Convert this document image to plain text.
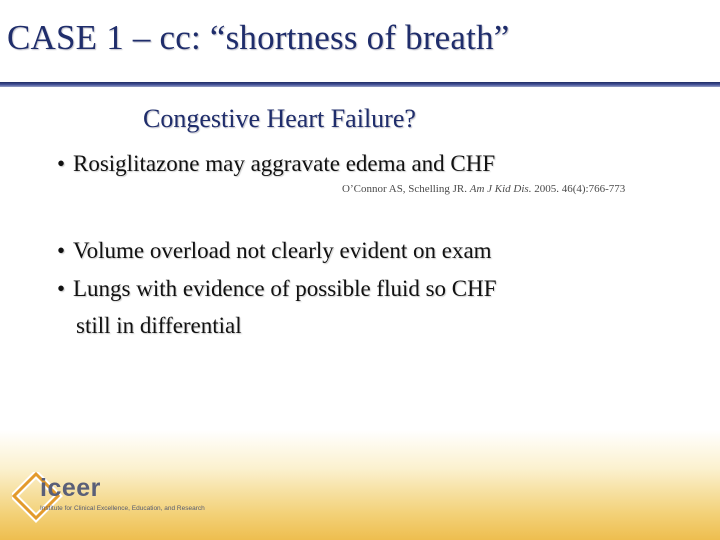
CASE 1 – cc: “shortness of breath”
Congestive Heart Failure?
• Rosiglitazone may aggravate edema and CHF
O’Connor AS, Schelling JR. Am J Kid Dis. 2005. 46(4):766-773
• Volume overload not clearly evident on exam
• Lungs with evidence of possible fluid so CHF
still in differential
iceer
Institute for Clinical Excellence, Education, and Research
